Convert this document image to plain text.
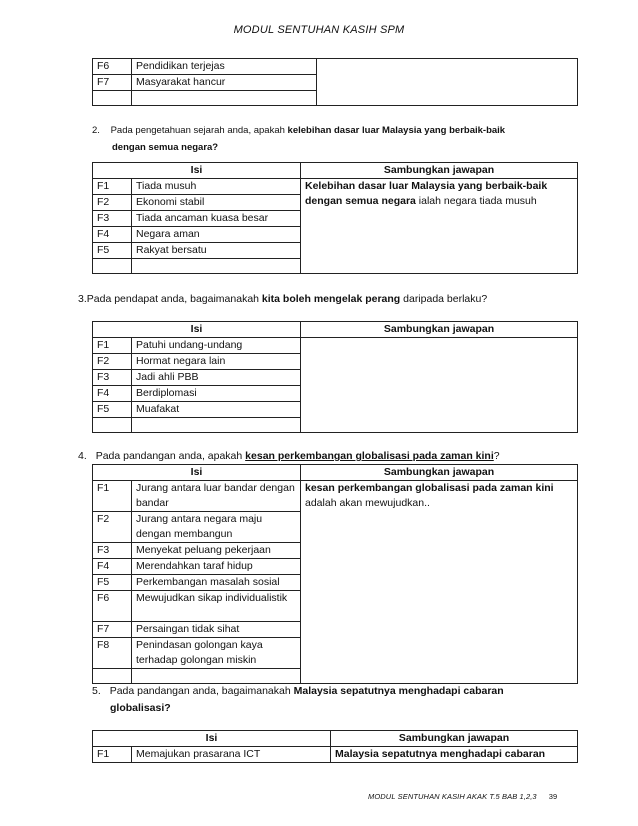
MODUL SENTUHAN KASIH SPM
F6	Pendidikan terjejas	
F7	Masyarakat hancur	

2. Pada pengetahuan sejarah anda, apakah kelebihan dasar luar Malaysia yang berbaik-baik
dengan semua negara?
Isi		Sambungkan jawapan
F1	Tiada musuh	Kelebihan dasar luar Malaysia yang berbaik-baik dengan semua negara ialah negara tiada musuh
F2	Ekonomi stabil	
F3	Tiada ancaman kuasa besar	
F4	Negara aman	
F5	Rakyat bersatu	

3.Pada pendapat anda, bagaimanakah kita boleh mengelak perang daripada berlaku?
Isi		Sambungkan jawapan
F1	Patuhi undang-undang	
F2	Hormat negara lain	
F3	Jadi ahli PBB	
F4	Berdiplomasi	
F5	Muafakat	

4. Pada pandangan anda, apakah kesan perkembangan globalisasi pada zaman kini?
Isi		Sambungkan jawapan
F1	Jurang antara luar bandar dengan bandar	kesan perkembangan globalisasi pada zaman kini
adalah akan mewujudkan..
F2	Jurang antara negara maju dengan membangun	
F3	Menyekat peluang pekerjaan	
F4	Merendahkan taraf hidup	
F5	Perkembangan masalah sosial	
F6	Mewujudkan sikap individualistik	
F7	Persaingan tidak sihat	
F8	Penindasan golongan kaya terhadap golongan miskin	

5. Pada pandangan anda, bagaimanakah Malaysia sepatutnya menghadapi cabaran
globalisasi?
Isi		Sambungkan jawapan
F1	Memajukan prasarana ICT	Malaysia sepatutnya menghadapi cabaran
MODUL SENTUHAN KASIH AKAK T.5 BAB 1,2,3 39
